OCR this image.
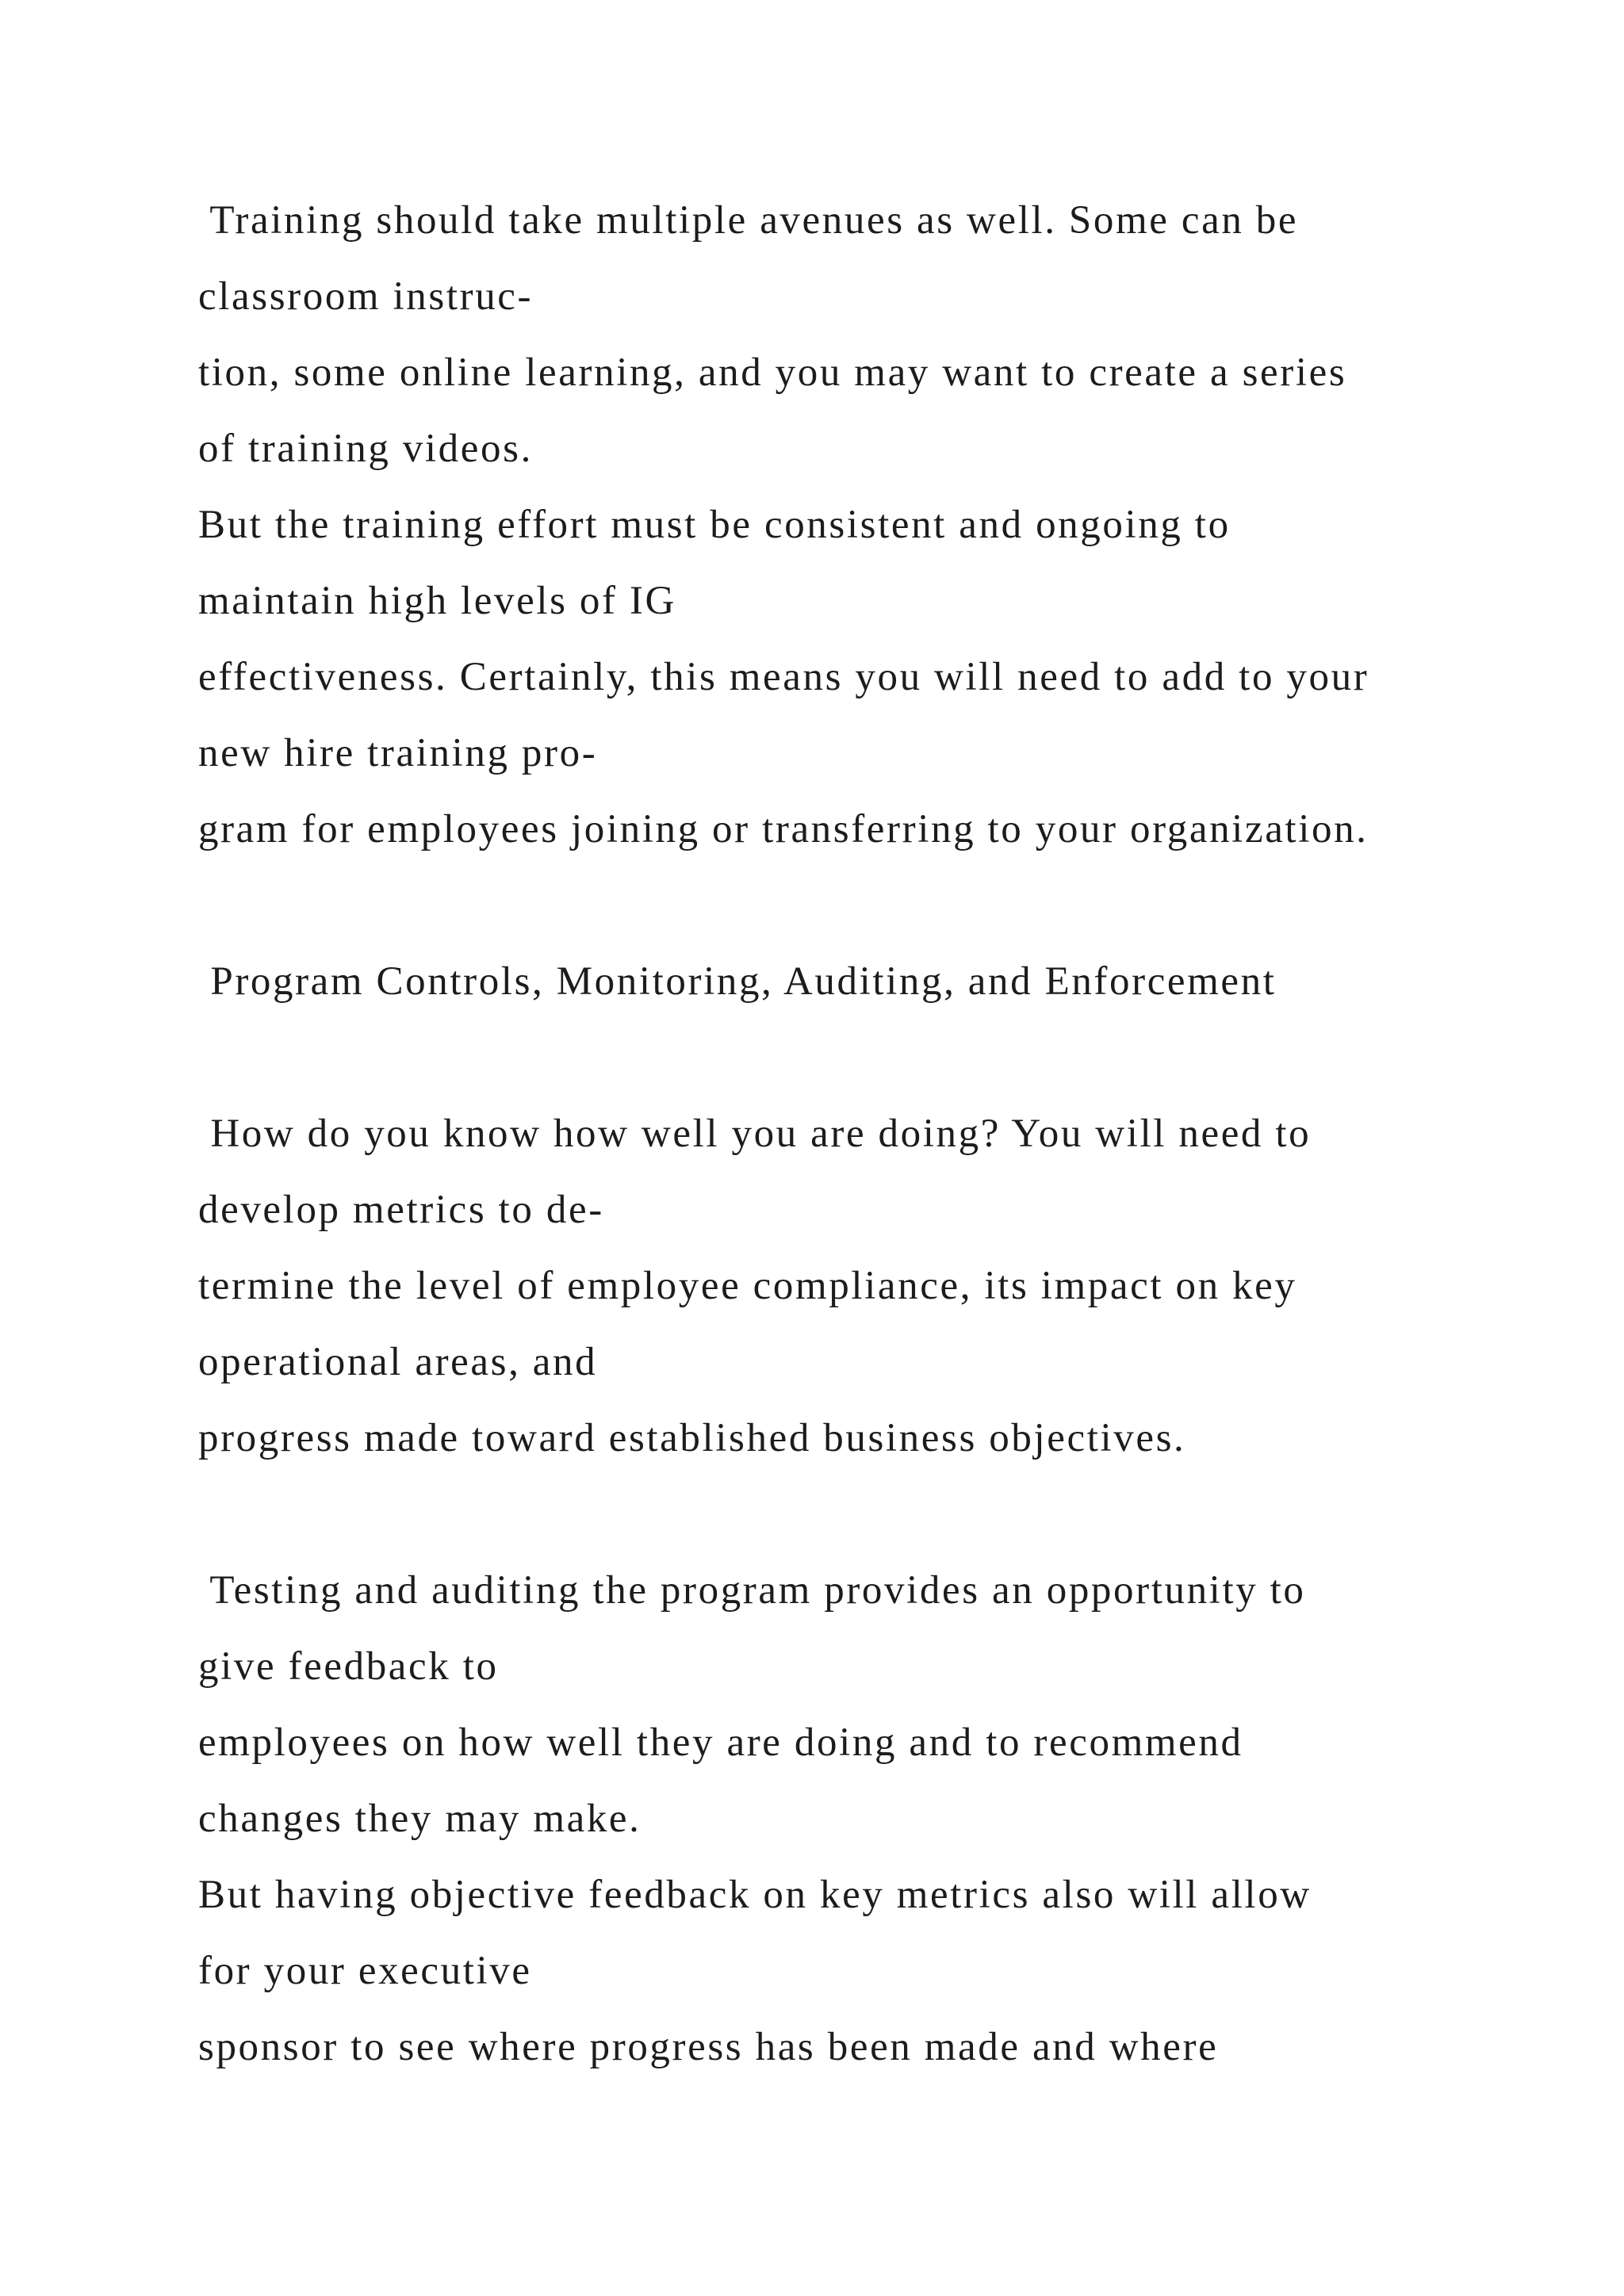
Training should take multiple avenues as well. Some can be
classroom instruc-
tion, some online learning, and you may want to create a series
of training videos.
But the training effort must be consistent and ongoing to
maintain high levels of IG
effectiveness. Certainly, this means you will need to add to your
new hire training pro-
gram for employees joining or transferring to your organization.
Program Controls, Monitoring, Auditing, and Enforcement
How do you know how well you are doing? You will need to
develop metrics to de-
termine the level of employee compliance, its impact on key
operational areas, and
progress made toward established business objectives.
Testing and auditing the program provides an opportunity to
give feedback to
employees on how well they are doing and to recommend
changes they may make.
But having objective feedback on key metrics also will allow
for your executive
sponsor to see where progress has been made and where
